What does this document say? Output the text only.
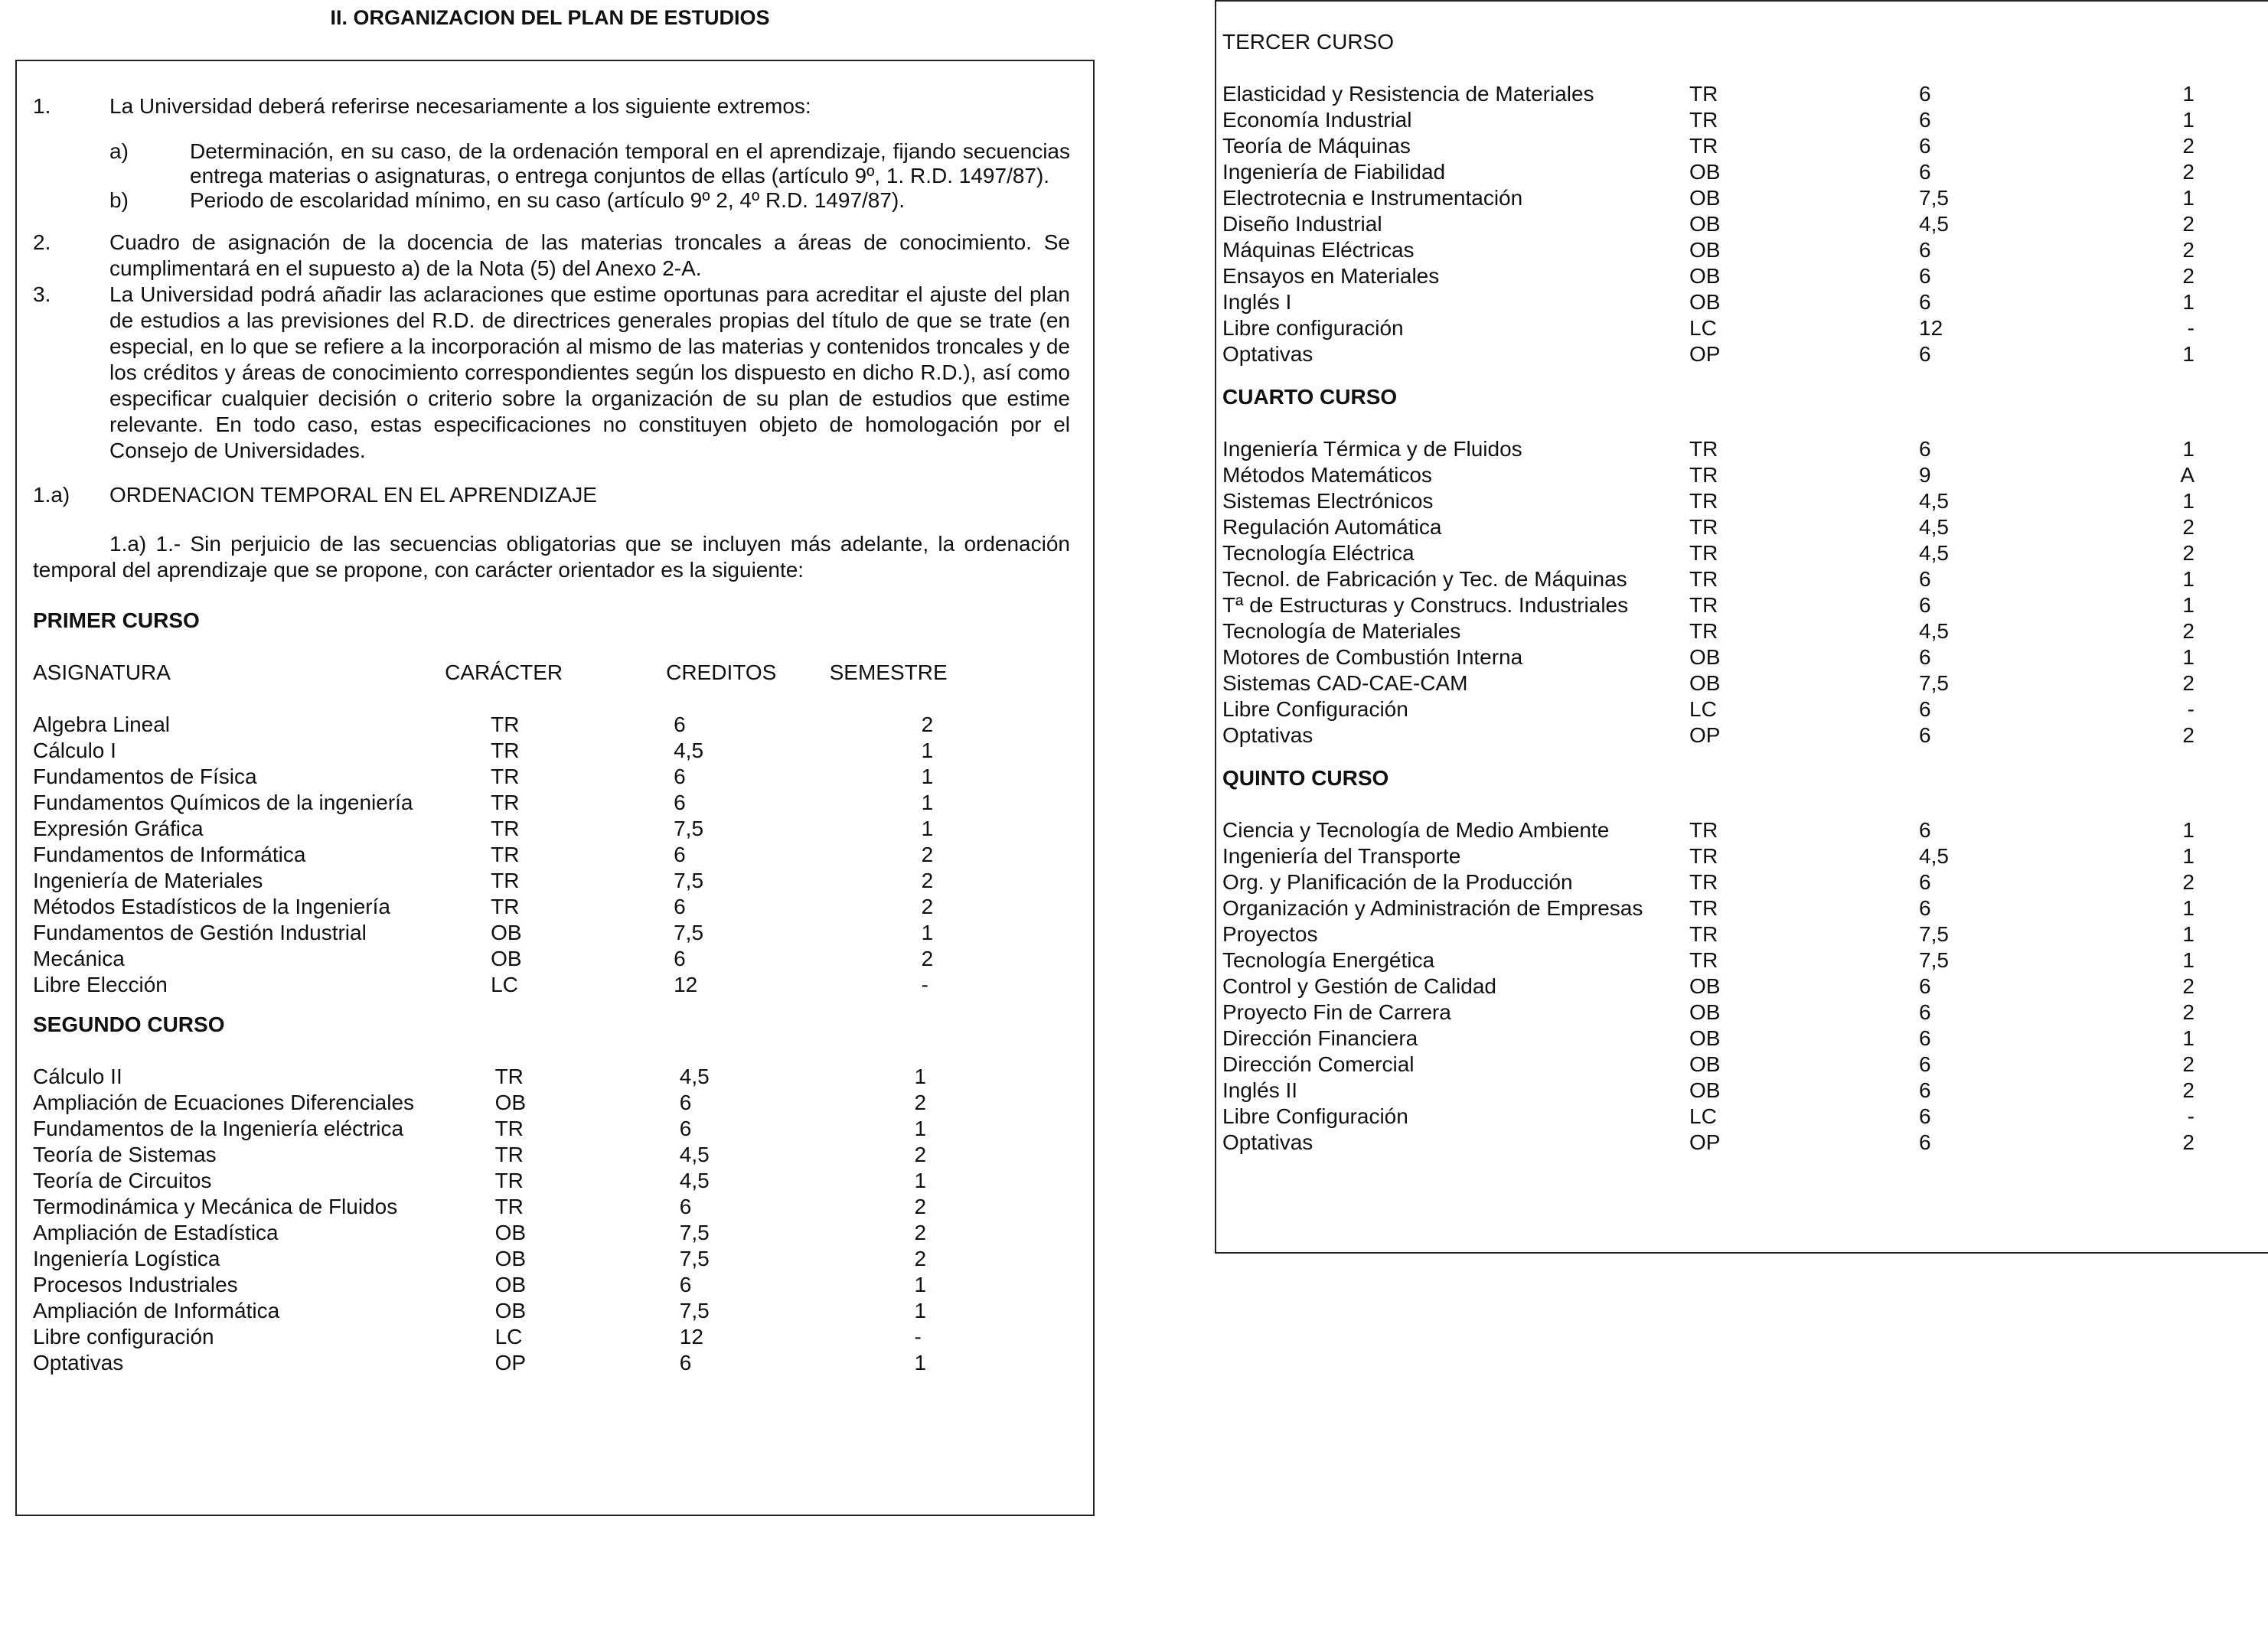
II. ORGANIZACION DEL PLAN DE ESTUDIOS
1.	La Universidad deberá referirse necesariamente a los siguiente extremos:
a)	Determinación, en su caso, de la ordenación temporal en el aprendizaje, fijando secuencias entrega materias o asignaturas, o entrega conjuntos de ellas (artículo 9º, 1. R.D. 1497/87).
b)	Periodo de escolaridad mínimo, en su caso (artículo 9º 2, 4º R.D. 1497/87).
2.	Cuadro de asignación de la docencia de las materias troncales a áreas de conocimiento. Se cumplimentará en el supuesto a) de la Nota (5) del Anexo 2-A.
3.	La Universidad podrá añadir las aclaraciones que estime oportunas para acreditar el ajuste del plan de estudios a las previsiones del R.D. de directrices generales propias del título de que se trate (en especial, en lo que se refiere a la incorporación al mismo de las materias y contenidos troncales y de los créditos y áreas de conocimiento correspondientes según los dispuesto en dicho R.D.), así como especificar cualquier decisión o criterio sobre la organización de su plan de estudios que estime relevante. En todo caso, estas especificaciones no constituyen objeto de homologación por el Consejo de Universidades.
1.a)	ORDENACION TEMPORAL EN EL APRENDIZAJE
1.a) 1.- Sin perjuicio de las secuencias obligatorias que se incluyen más adelante, la ordenación temporal del aprendizaje que se propone, con carácter orientador es la siguiente:
PRIMER CURSO
ASIGNATURA	CARÁCTER	CREDITOS	SEMESTRE

Algebra Lineal	TR	6	2
Cálculo I	TR	4,5	1
Fundamentos de Física	TR	6	1
Fundamentos Químicos de la ingeniería	TR	6	1
Expresión Gráfica	TR	7,5	1
Fundamentos de Informática	TR	6	2
Ingeniería de Materiales	TR	7,5	2
Métodos Estadísticos de la Ingeniería	TR	6	2
Fundamentos de Gestión Industrial	OB	7,5	1
Mecánica	OB	6	2
Libre Elección	LC	12	-
SEGUNDO CURSO
Cálculo II	TR	4,5	1
Ampliación de Ecuaciones Diferenciales	OB	6	2
Fundamentos de la Ingeniería eléctrica	TR	6	1
Teoría de Sistemas	TR	4,5	2
Teoría de Circuitos	TR	4,5	1
Termodinámica y Mecánica de Fluidos	TR	6	2
Ampliación de Estadística	OB	7,5	2
Ingeniería Logística	OB	7,5	2
Procesos Industriales	OB	6	1
Ampliación de Informática	OB	7,5	1
Libre configuración	LC	12	-
Optativas	OP	6	1
TERCER CURSO
Elasticidad y Resistencia de Materiales	TR	6	1
Economía Industrial	TR	6	1
Teoría de Máquinas	TR	6	2
Ingeniería de Fiabilidad	OB	6	2
Electrotecnia e Instrumentación	OB	7,5	1
Diseño Industrial	OB	4,5	2
Máquinas Eléctricas	OB	6	2
Ensayos en Materiales	OB	6	2
Inglés I	OB	6	1
Libre configuración	LC	12	-
Optativas	OP	6	1
CUARTO CURSO
Ingeniería Térmica y de Fluidos	TR	6	1
Métodos Matemáticos	TR	9	A
Sistemas Electrónicos	TR	4,5	1
Regulación Automática	TR	4,5	2
Tecnología Eléctrica	TR	4,5	2
Tecnol. de Fabricación y Tec. de Máquinas	TR	6	1
Tª de Estructuras y Construcs. Industriales	TR	6	1
Tecnología de Materiales	TR	4,5	2
Motores de Combustión Interna	OB	6	1
Sistemas CAD-CAE-CAM	OB	7,5	2
Libre Configuración	LC	6	-
Optativas	OP	6	2
QUINTO CURSO
Ciencia y Tecnología de Medio Ambiente	TR	6	1
Ingeniería del Transporte	TR	4,5	1
Org. y Planificación de la Producción	TR	6	2
Organización y Administración de Empresas	TR	6	1
Proyectos	TR	7,5	1
Tecnología Energética	TR	7,5	1
Control y Gestión de Calidad	OB	6	2
Proyecto Fin de Carrera	OB	6	2
Dirección Financiera	OB	6	1
Dirección Comercial	OB	6	2
Inglés II	OB	6	2
Libre Configuración	LC	6	-
Optativas	OP	6	2
